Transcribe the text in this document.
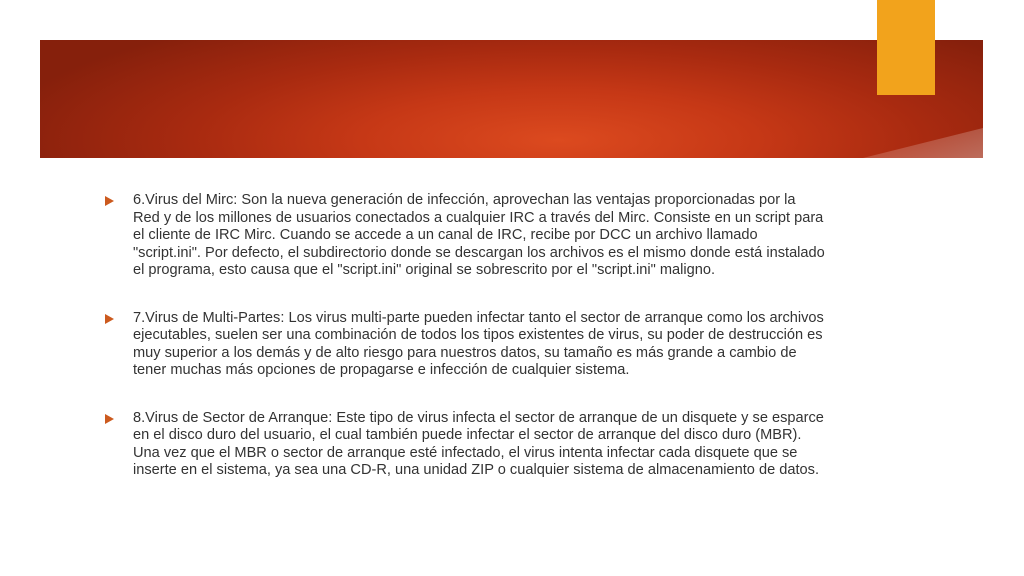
6.Virus del Mirc: Son la nueva generación de infección, aprovechan las ventajas proporcionadas por la Red y de los millones de usuarios conectados a cualquier IRC a través del Mirc. Consiste en un script para el cliente de IRC Mirc. Cuando se accede a un canal de IRC, recibe por DCC un archivo llamado "script.ini". Por defecto, el subdirectorio donde se descargan los archivos es el mismo donde está instalado el programa, esto causa que el "script.ini" original se sobrescrito por el "script.ini" maligno.

7.Virus de Multi-Partes: Los virus multi-parte pueden infectar tanto el sector de arranque como los archivos ejecutables, suelen ser una combinación de todos los tipos existentes de virus, su poder de destrucción es muy superior a los demás y de alto riesgo para nuestros datos, su tamaño es más grande a cambio de tener muchas más opciones de propagarse e infección de cualquier sistema.

8.Virus de Sector de Arranque: Este tipo de virus infecta el sector de arranque de un disquete y se esparce en el disco duro del usuario, el cual también puede infectar el sector de arranque del disco duro (MBR). Una vez que el MBR o sector de arranque esté infectado, el virus intenta infectar cada disquete que se inserte en el sistema, ya sea una CD-R, una unidad ZIP o cualquier sistema de almacenamiento de datos.
